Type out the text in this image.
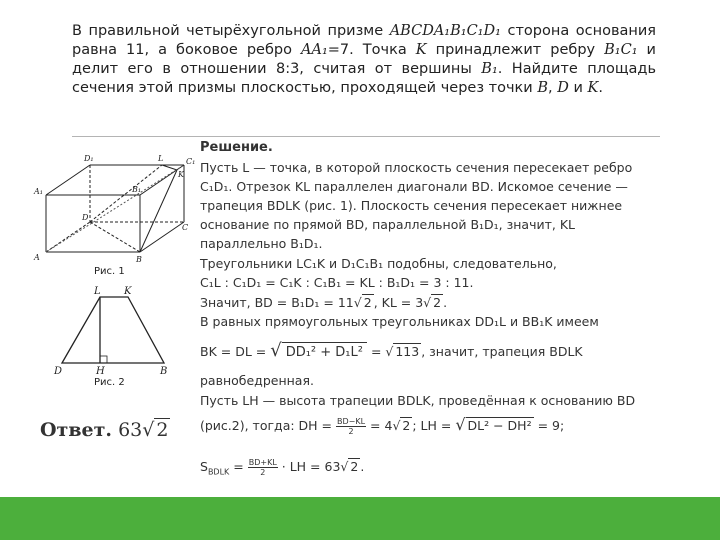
В правильной четырёхугольной призме ABCDA₁B₁C₁D₁ сторона основания равна 11, а боковое ребро AA₁=7. Точка K принадлежит ребру B₁C₁ и делит его в отношении 8:3, считая от вершины B₁. Найдите площадь сечения этой призмы плоскостью, проходящей через точки B, D и K.

A₁
A	B
C
D
B₁
C₁
D₁	L
K
Рис. 1
L K
D	H	B
Рис. 2
Ответ. 63√ 2
Решение.
Пусть L — точка, в которой плоскость сечения пересекает ребро
C₁D₁. Отрезок KL параллелен диагонали BD. Искомое сечение —
трапеция BDLK (рис. 1). Плоскость сечения пересекает нижнее
основание по прямой BD, параллельной B₁D₁, значит, KL
параллельно B₁D₁.
Треугольники LC₁K и D₁C₁B₁ подобны, следовательно,
C₁L : C₁D₁ = C₁K : C₁B₁ = KL : B₁D₁ = 3 : 11.
Значит, BD = B₁D₁ = 11√ 2 , KL = 3√ 2 .
В равных прямоугольных треугольниках DD₁L и BB₁K имеем
BK = DL = √ DD₁² + D₁L² = √ 113 , значит, трапеция BDLK
равнобедренная.
Пусть LH — высота трапеции BDLK, проведённая к основанию BD
(рис.2), тогда: DH = $\frac{BD-KL}{2} = 4√$ 2 ; LH = √ DL² − DH² = 9;
$S_{BDLK} = \frac{BD+KL}{2}$ · LH = 63√ 2 .
